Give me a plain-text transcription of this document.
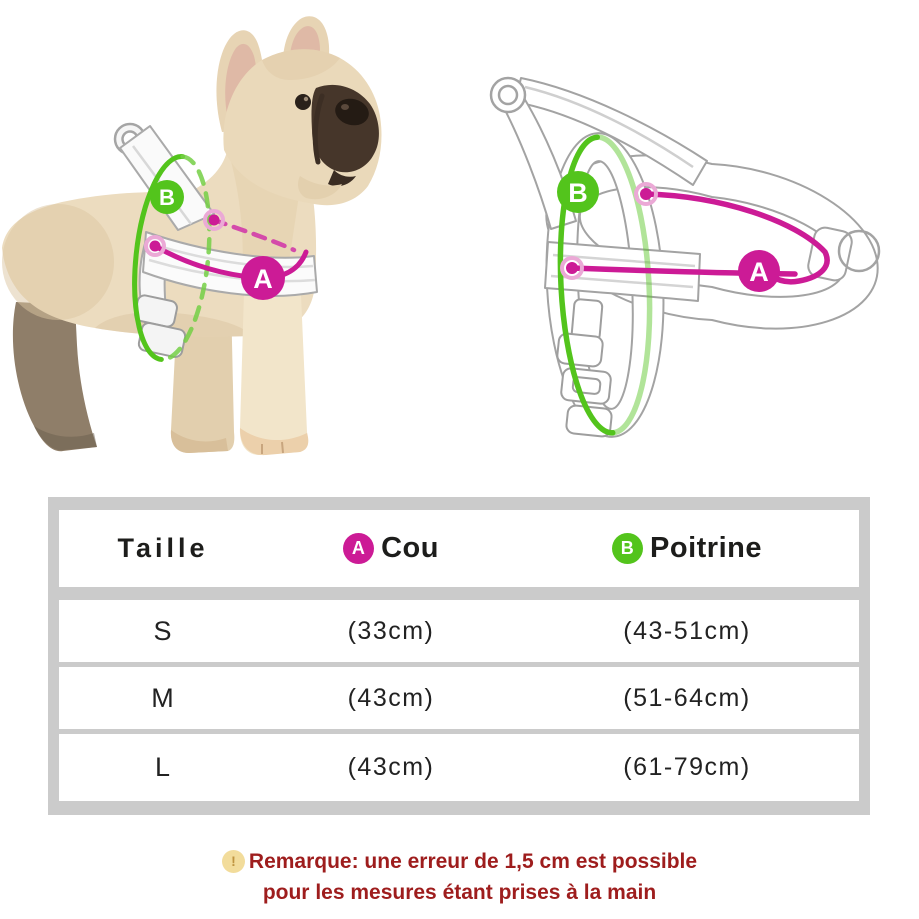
B
A
B
A
Taille	A Cou	B Poitrine
S	(33cm)	(43-51cm)
M	(43cm)	(51-64cm)
L	(43cm)	(61-79cm)
! Remarque: une erreur de 1,5 cm est possible
pour les mesures étant prises à la main
